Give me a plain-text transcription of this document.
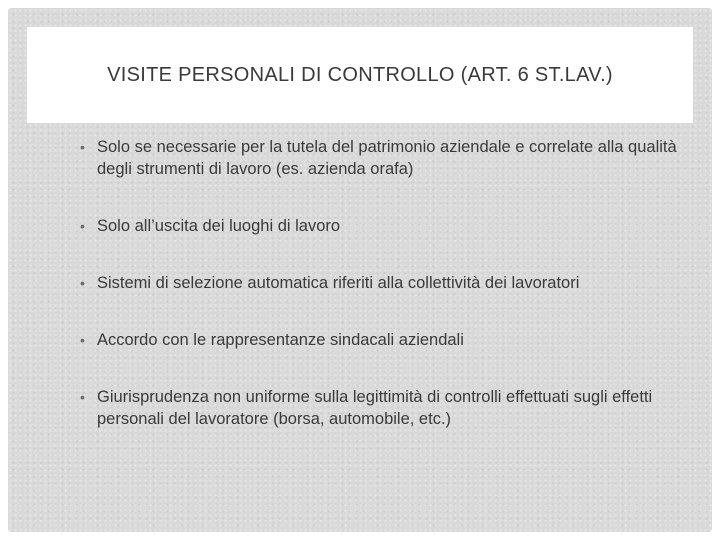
VISITE PERSONALI DI CONTROLLO (ART. 6 ST.LAV.)
• Solo se necessarie per la tutela del patrimonio aziendale e correlate alla qualità degli strumenti di lavoro (es. azienda orafa)
• Solo all’uscita dei luoghi di lavoro
• Sistemi di selezione automatica riferiti alla collettività dei lavoratori
• Accordo con le rappresentanze sindacali aziendali
• Giurisprudenza non uniforme sulla legittimità di controlli effettuati sugli effetti personali del lavoratore (borsa, automobile, etc.)
